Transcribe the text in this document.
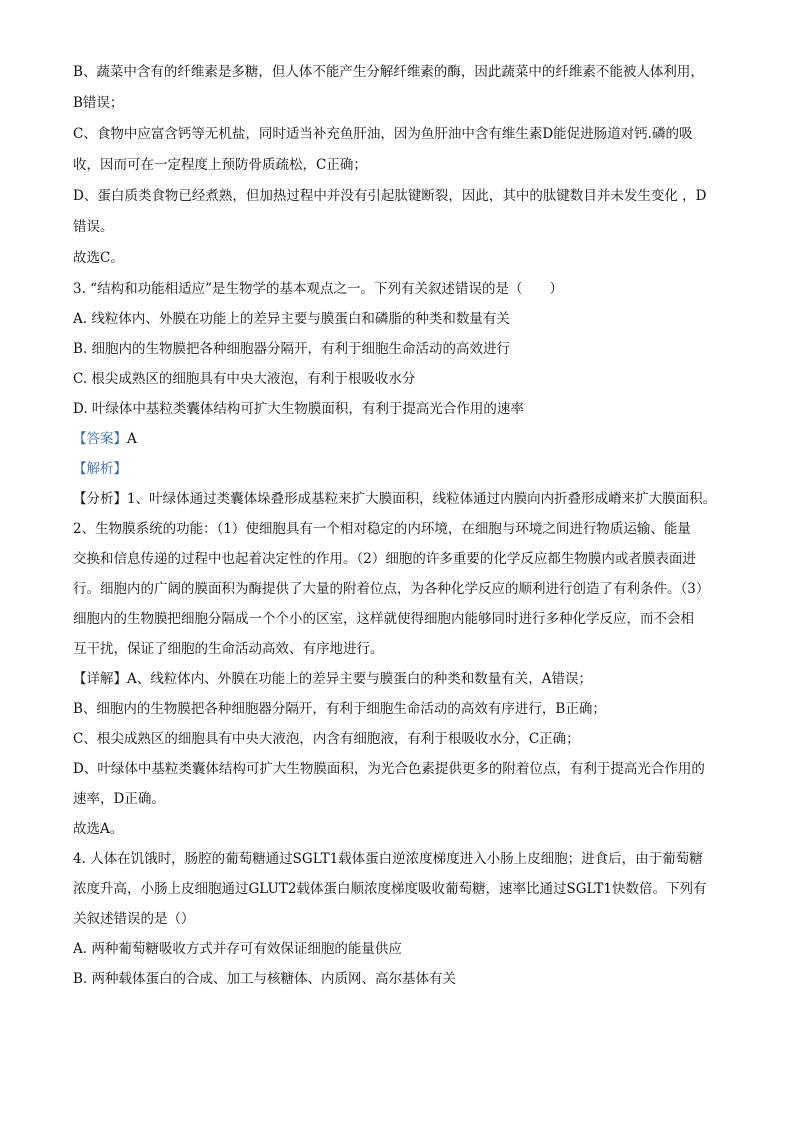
B、蔬菜中含有的纤维素是多糖，但人体不能产生分解纤维素的酶，因此蔬菜中的纤维素不能被人体利用，

B错误；

C、食物中应富含钙等无机盐，同时适当补充鱼肝油，因为鱼肝油中含有维生素D能促进肠道对钙.磷的吸

收，因而可在一定程度上预防骨质疏松，C正确；

D、蛋白质类食物已经煮熟，但加热过程中并没有引起肽键断裂，因此，其中的肽键数目并未发生变化 ，D

错误。

故选C。

3. “结构和功能相适应”是生物学的基本观点之一。下列有关叙述错误的是（　　）

A. 线粒体内、外膜在功能上的差异主要与膜蛋白和磷脂的种类和数量有关

B. 细胞内的生物膜把各种细胞器分隔开，有利于细胞生命活动的高效进行

C. 根尖成熟区的细胞具有中央大液泡，有利于根吸收水分

D. 叶绿体中基粒类囊体结构可扩大生物膜面积，有利于提高光合作用的速率

【答案】A

【解析】

【分析】1、叶绿体通过类囊体垛叠形成基粒来扩大膜面积，线粒体通过内膜向内折叠形成嵴来扩大膜面积。

2、生物膜系统的功能：（1）使细胞具有一个相对稳定的内环境，在细胞与环境之间进行物质运输、能量

交换和信息传递的过程中也起着决定性的作用。（2）细胞的许多重要的化学反应都生物膜内或者膜表面进

行。细胞内的广阔的膜面积为酶提供了大量的附着位点，为各种化学反应的顺利进行创造了有利条件。（3）

细胞内的生物膜把细胞分隔成一个个小的区室，这样就使得细胞内能够同时进行多种化学反应，而不会相

互干扰，保证了细胞的生命活动高效、有序地进行。

【详解】A、线粒体内、外膜在功能上的差异主要与膜蛋白的种类和数量有关，A错误；

B、细胞内的生物膜把各种细胞器分隔开，有利于细胞生命活动的高效有序进行，B正确；

C、根尖成熟区的细胞具有中央大液泡，内含有细胞液，有利于根吸收水分，C正确；

D、叶绿体中基粒类囊体结构可扩大生物膜面积，为光合色素提供更多的附着位点，有利于提高光合作用的

速率，D正确。

故选A。

4. 人体在饥饿时，肠腔的葡萄糖通过SGLT1载体蛋白逆浓度梯度进入小肠上皮细胞；进食后，由于葡萄糖

浓度升高，小肠上皮细胞通过GLUT2载体蛋白顺浓度梯度吸收葡萄糖，速率比通过SGLT1快数倍。下列有

关叙述错误的是（）

A. 两种葡萄糖吸收方式并存可有效保证细胞的能量供应

B. 两种载体蛋白的合成、加工与核糖体、内质网、高尔基体有关
